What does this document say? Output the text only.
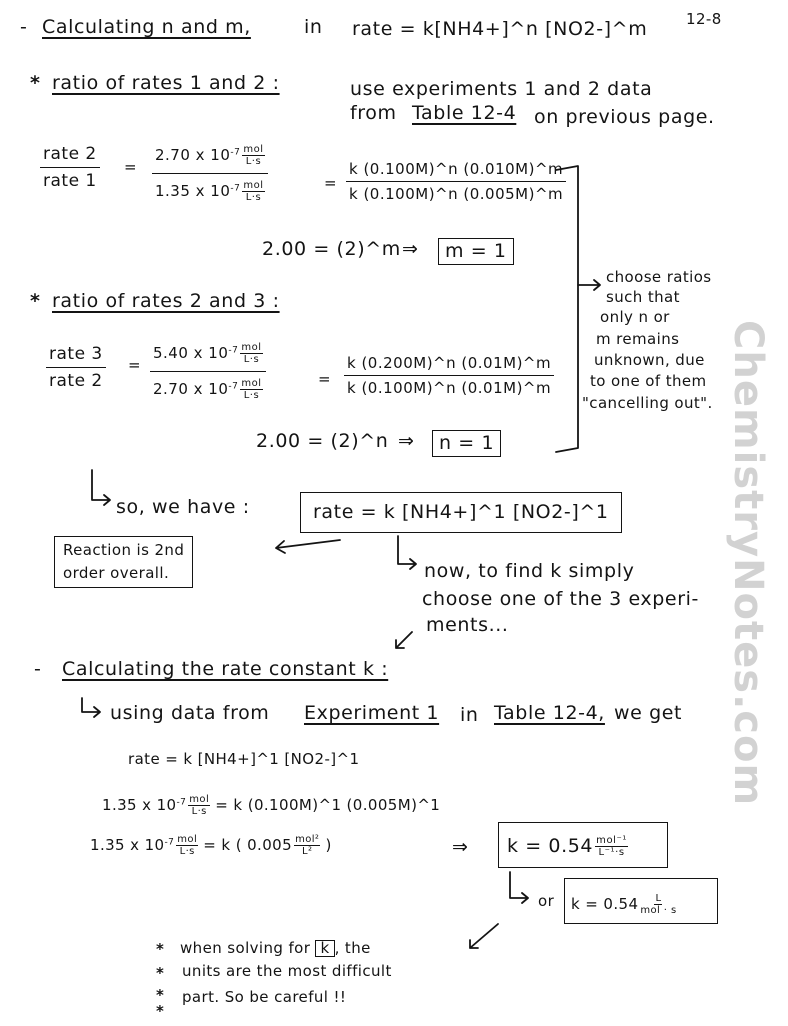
ChemistryNotes.com
12-8
- Calculating n and m,	in rate = k[NH4+]^n [NO2-]^m
* ratio of rates 1 and 2 :	use experiments 1 and 2 data
from Table 12-4 on previous page.
rate 2
rate 1
=
2.70 x $10^{-7}$ mol
L·s
1.35 x $10^{-7}$ mol
L·s
= $\frac{k (0.100M)\^{}n (0.010M)\^{}m}{k (0.100M)\^{}n (0.005M)\^{}m}$
2.00 = (2)^m ⇒	m = 1
* ratio of rates 2 and 3 :
rate 3
rate 2
=
5.40 x $10^{-7}$ mol
L·s
2.70 x $10^{-7}$ mol
L·s
= $\frac{k (0.200M)\^{}n (0.01M)\^{}m}{k (0.100M)\^{}n (0.01M)\^{}m}$
2.00 = (2)^n ⇒	n = 1
choose ratios
such that
only n or
m remains
unknown, due
to one of them
"cancelling out".
so, we have :	rate = k [NH4+]^1 [NO2-]^1
Reaction is 2nd
order overall.	now, to find k simply
choose one of the 3 experi-
ments...
- Calculating the rate constant k :
using data from Experiment 1 in Table 12-4, we get
rate = k [NH4+]^1 [NO2-]^1
1.35 x $10^{-7}$ mol
L·s = k (0.100M)^1 (0.005M)^1
1.35 x $10^{-7}$ mol
L·s = k ( 0.005 mol²
L² )	⇒ k = 0.54 mol⁻¹
L⁻¹·s
or k = 0.54 L
mol · s
*
*
*
*
when solving for k , the
units are the most difficult
part. So be careful !!
